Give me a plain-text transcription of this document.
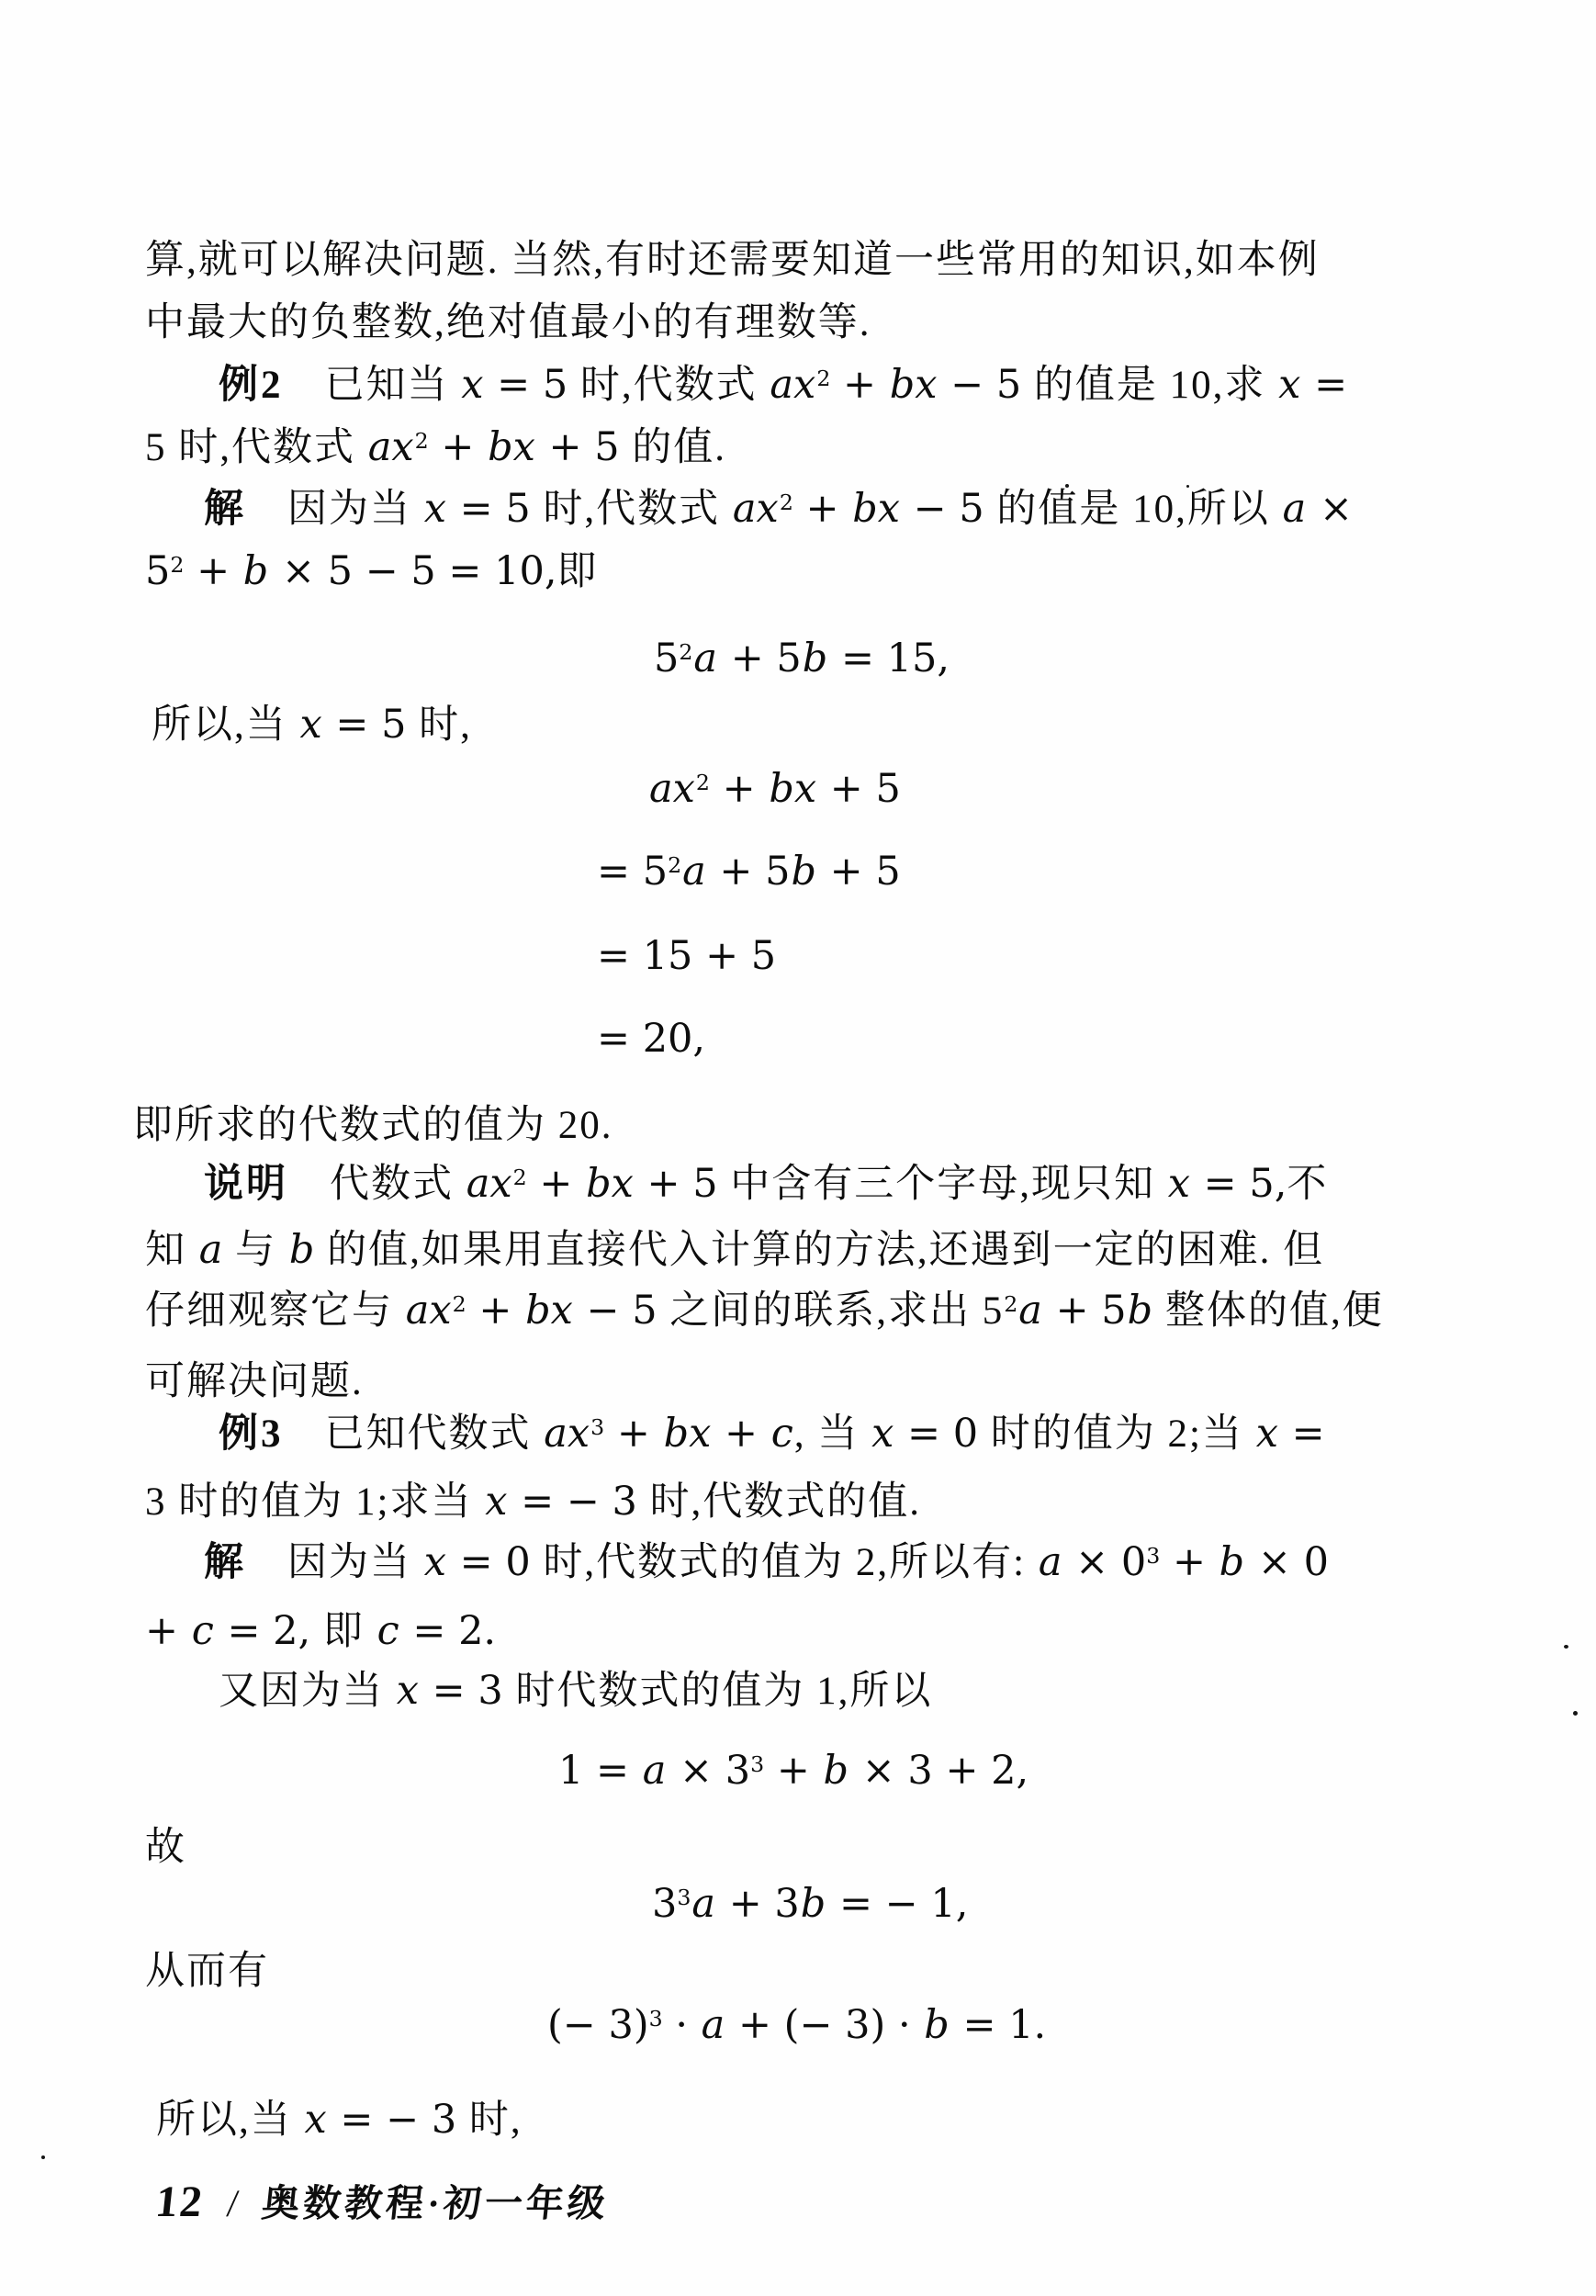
12 / 奥数教程·初一年级
算,就可以解决问题. 当然,有时还需要知道一些常用的知识,如本例
中最大的负整数,绝对值最小的有理数等.
例2　已知当 x = 5 时,代数式 $ax^2$ + bx − 5 的值是 10,求 x =
5 时,代数式 $ax^2$ + bx + 5 的值.
解　因为当 x = 5 时,代数式 $ax^2$ + bx − 5 的值是 10,所以 a ×
$5^2 + b \times 5 - 5 = 10$,即
$5^2a + 5b = 15$,
所以,当 x = 5 时,
$ax^2$ + bx + 5
= $5^2a + 5b + 5$
= 15 + 5
= 20,
即所求的代数式的值为 20.
说明　代数式 $ax^2$ + bx + 5 中含有三个字母,现只知 x = 5,不
知 a 与 b 的值,如果用直接代入计算的方法,还遇到一定的困难. 但
仔细观察它与 $ax^2$ + bx − 5 之间的联系,求出 $5^2a + 5b$ 整体的值,便
可解决问题.
例3　已知代数式 $ax^3$ + bx + c, 当 x = 0 时的值为 2;当 x =
3 时的值为 1;求当 x = − 3 时,代数式的值.
解　因为当 x = 0 时,代数式的值为 2,所以有: $a \times 0^3 + b \times 0$
+ c = 2, 即 c = 2.
又因为当 x = 3 时代数式的值为 1,所以
$1 = a \times 3^3 + b \times 3 + 2$,
故
$3^3a + 3b$ = − 1,
从而有
(− 3)$^3$ · a + (− 3) · b = 1.
所以,当 x = − 3 时,
